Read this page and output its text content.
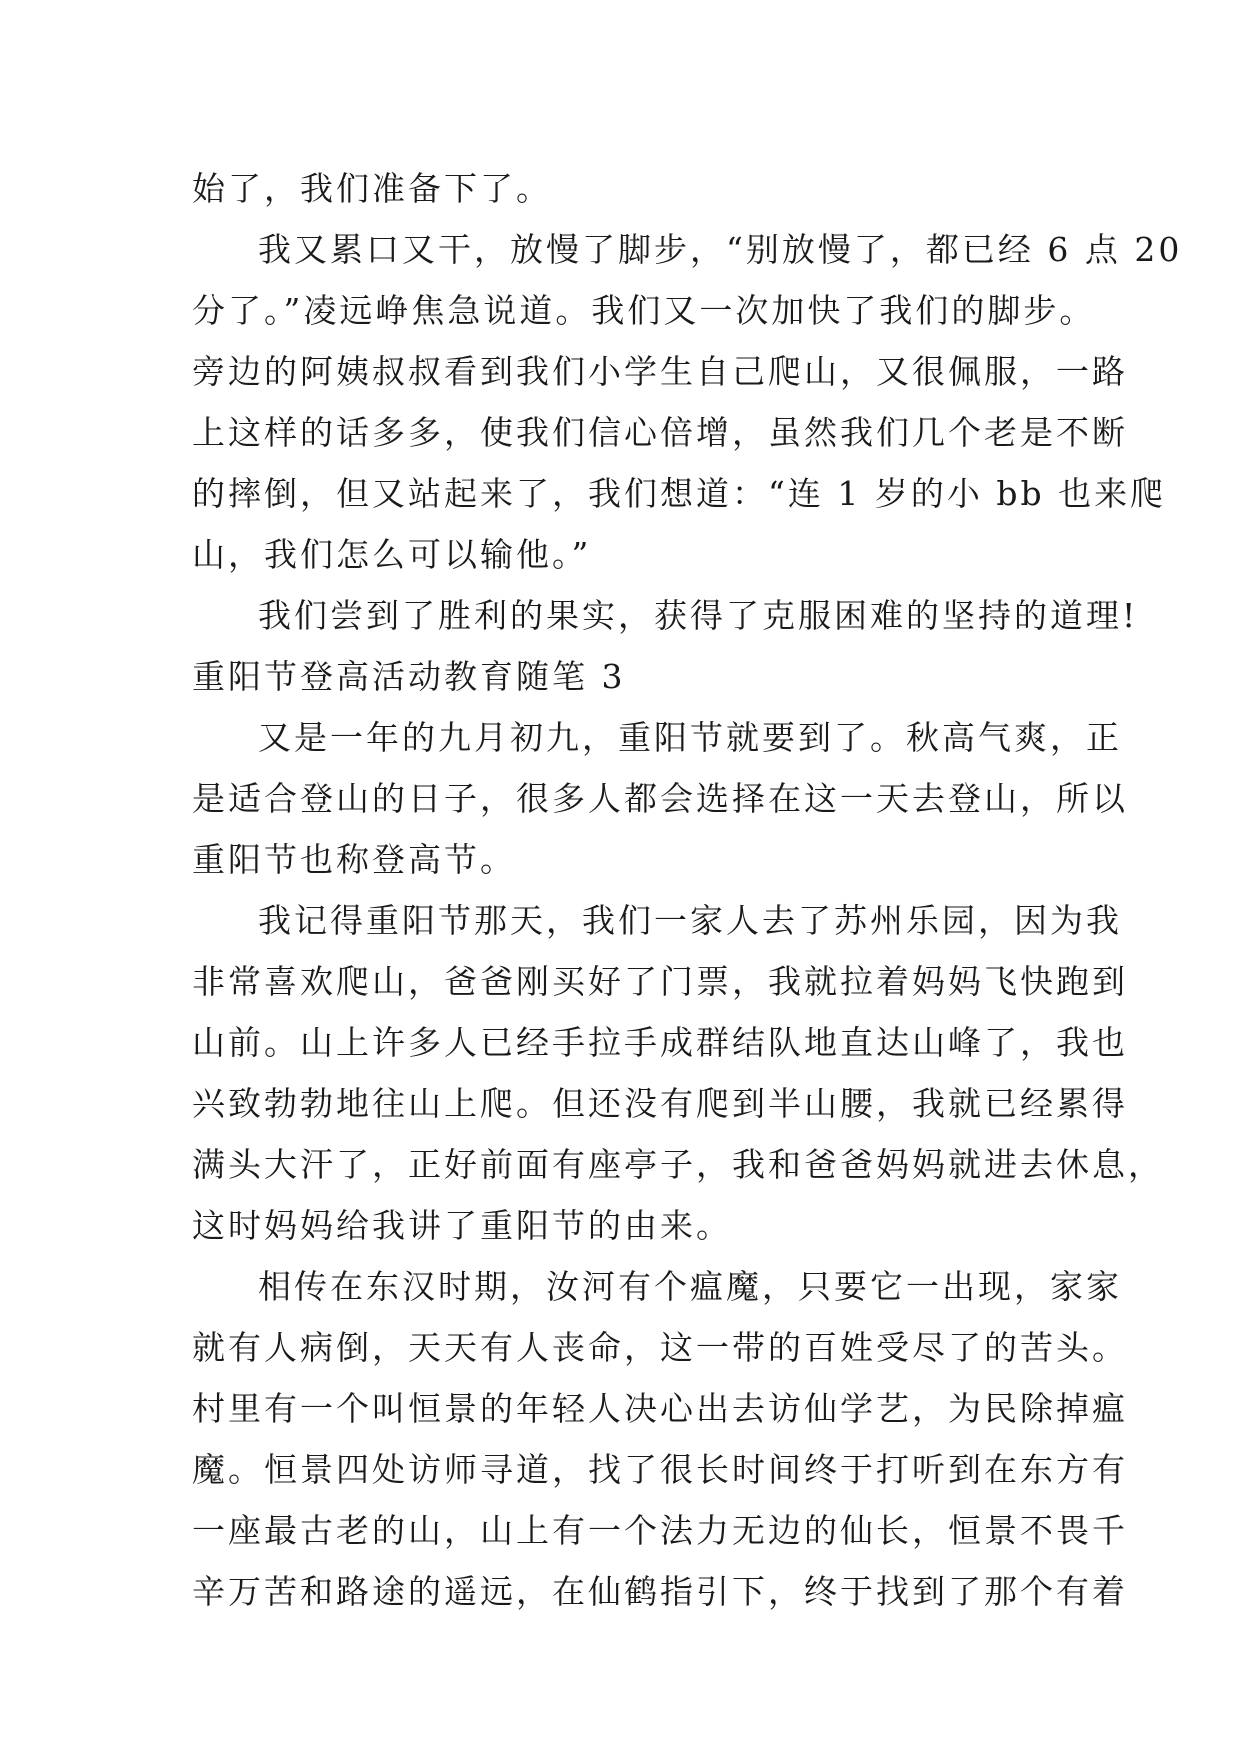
始了，我们准备下了。
我又累口又干，放慢了脚步，“别放慢了，都已经 6 点 20
分了。”凌远峥焦急说道。我们又一次加快了我们的脚步。
旁边的阿姨叔叔看到我们小学生自己爬山，又很佩服，一路
上这样的话多多，使我们信心倍增，虽然我们几个老是不断
的摔倒，但又站起来了，我们想道：“连 1 岁的小 bb 也来爬
山，我们怎么可以输他。”
我们尝到了胜利的果实，获得了克服困难的坚持的道理!
重阳节登高活动教育随笔 3
又是一年的九月初九，重阳节就要到了。秋高气爽，正
是适合登山的日子，很多人都会选择在这一天去登山，所以
重阳节也称登高节。
我记得重阳节那天，我们一家人去了苏州乐园，因为我
非常喜欢爬山，爸爸刚买好了门票，我就拉着妈妈飞快跑到
山前。山上许多人已经手拉手成群结队地直达山峰了，我也
兴致勃勃地往山上爬。但还没有爬到半山腰，我就已经累得
满头大汗了，正好前面有座亭子，我和爸爸妈妈就进去休息，
这时妈妈给我讲了重阳节的由来。
相传在东汉时期，汝河有个瘟魔，只要它一出现，家家
就有人病倒，天天有人丧命，这一带的百姓受尽了的苦头。
村里有一个叫恒景的年轻人决心出去访仙学艺，为民除掉瘟
魔。恒景四处访师寻道，找了很长时间终于打听到在东方有
一座最古老的山，山上有一个法力无边的仙长，恒景不畏千
辛万苦和路途的遥远，在仙鹤指引下，终于找到了那个有着
